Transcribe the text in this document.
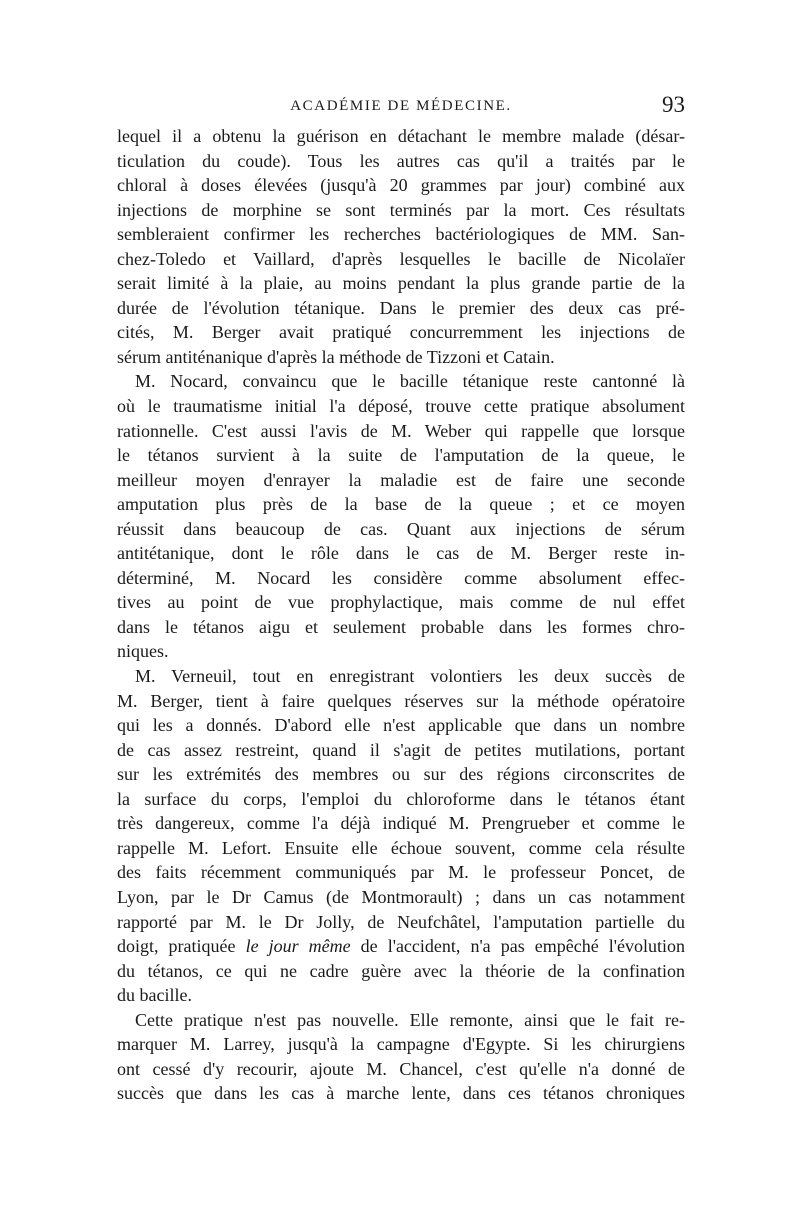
ACADÉMIE DE MÉDECINE.	93
lequel il a obtenu la guérison en détachant le membre malade (désar-
ticulation du coude). Tous les autres cas qu'il a traités par le
chloral à doses élevées (jusqu'à 20 grammes par jour) combiné aux
injections de morphine se sont terminés par la mort. Ces résultats
sembleraient confirmer les recherches bactériologiques de MM. San-
chez-Toledo et Vaillard, d'après lesquelles le bacille de Nicolaïer
serait limité à la plaie, au moins pendant la plus grande partie de la
durée de l'évolution tétanique. Dans le premier des deux cas pré-
cités, M. Berger avait pratiqué concurremment les injections de
sérum antiténanique d'après la méthode de Tizzoni et Catain.
M. Nocard, convaincu que le bacille tétanique reste cantonné là
où le traumatisme initial l'a déposé, trouve cette pratique absolument
rationnelle. C'est aussi l'avis de M. Weber qui rappelle que lorsque
le tétanos survient à la suite de l'amputation de la queue, le
meilleur moyen d'enrayer la maladie est de faire une seconde
amputation plus près de la base de la queue ; et ce moyen
réussit dans beaucoup de cas. Quant aux injections de sérum
antitétanique, dont le rôle dans le cas de M. Berger reste in-
déterminé, M. Nocard les considère comme absolument effec-
tives au point de vue prophylactique, mais comme de nul effet
dans le tétanos aigu et seulement probable dans les formes chro-
niques.
M. Verneuil, tout en enregistrant volontiers les deux succès de
M. Berger, tient à faire quelques réserves sur la méthode opératoire
qui les a donnés. D'abord elle n'est applicable que dans un nombre
de cas assez restreint, quand il s'agit de petites mutilations, portant
sur les extrémités des membres ou sur des régions circonscrites de
la surface du corps, l'emploi du chloroforme dans le tétanos étant
très dangereux, comme l'a déjà indiqué M. Prengrueber et comme le
rappelle M. Lefort. Ensuite elle échoue souvent, comme cela résulte
des faits récemment communiqués par M. le professeur Poncet, de
Lyon, par le Dr Camus (de Montmorault) ; dans un cas notamment
rapporté par M. le Dr Jolly, de Neufchâtel, l'amputation partielle du
doigt, pratiquée le jour même de l'accident, n'a pas empêché l'évolution
du tétanos, ce qui ne cadre guère avec la théorie de la confination
du bacille.
Cette pratique n'est pas nouvelle. Elle remonte, ainsi que le fait re-
marquer M. Larrey, jusqu'à la campagne d'Egypte. Si les chirurgiens
ont cessé d'y recourir, ajoute M. Chancel, c'est qu'elle n'a donné de
succès que dans les cas à marche lente, dans ces tétanos chroniques
